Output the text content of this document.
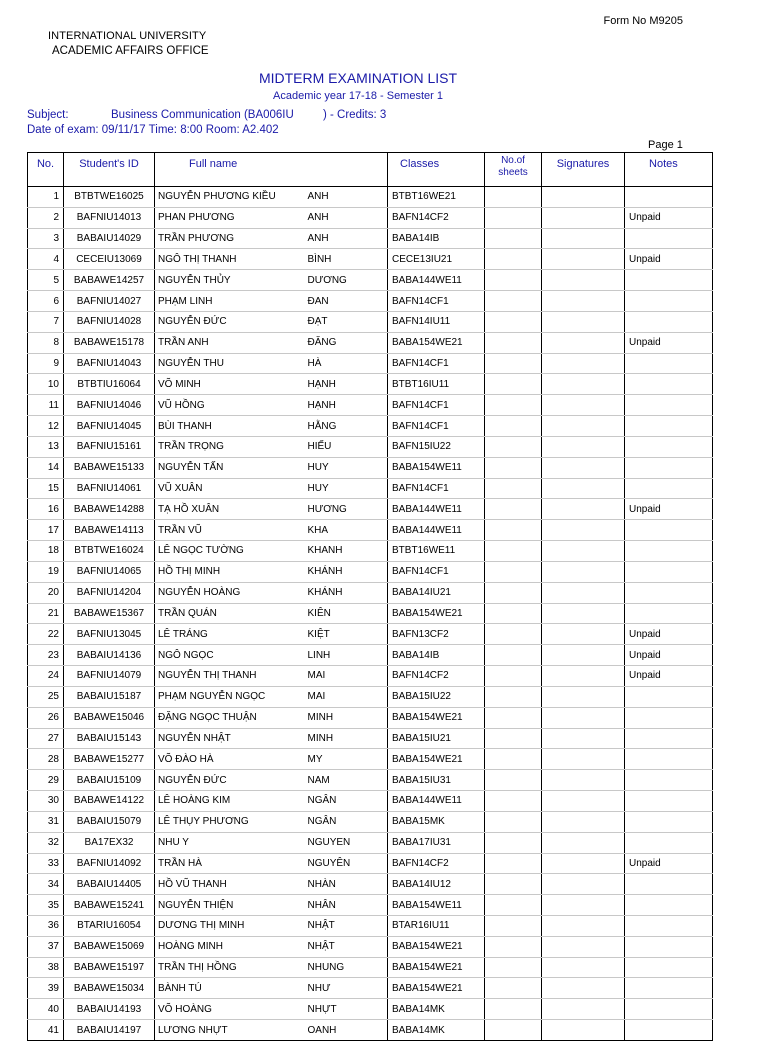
Form No M9205
INTERNATIONAL UNIVERSITY
ACADEMIC AFFAIRS OFFICE
MIDTERM EXAMINATION LIST
Academic year 17-18 - Semester 1
Subject:	Business Communication (BA006IU	) - Credits: 3
Date of exam: 09/11/17 Time: 8:00 Room: A2.402
Page 1
No.	Student's ID	Full name		Classes	No.of sheets	Signatures	Notes
1	BTBTWE16025	NGUYỄN PHƯƠNG KIỀU	ANH	BTBT16WE21			
2	BAFNIU14013	PHAN PHƯƠNG	ANH	BAFN14CF2			Unpaid
3	BABAIU14029	TRẦN PHƯƠNG	ANH	BABA14IB			
4	CECEIU13069	NGÔ THỊ THANH	BÌNH	CECE13IU21			Unpaid
5	BABAWE14257	NGUYỄN THỦY	DƯƠNG	BABA144WE11			
6	BAFNIU14027	PHẠM LINH	ĐAN	BAFN14CF1			
7	BAFNIU14028	NGUYỄN ĐỨC	ĐẠT	BAFN14IU11			
8	BABAWE15178	TRẦN ANH	ĐĂNG	BABA154WE21			Unpaid
9	BAFNIU14043	NGUYỄN THU	HÀ	BAFN14CF1			
10	BTBTIU16064	VÕ MINH	HẠNH	BTBT16IU11			
11	BAFNIU14046	VŨ HỒNG	HẠNH	BAFN14CF1			
12	BAFNIU14045	BÙI THANH	HẰNG	BAFN14CF1			
13	BAFNIU15161	TRẦN TRỌNG	HIẾU	BAFN15IU22			
14	BABAWE15133	NGUYỄN TẤN	HUY	BABA154WE11			
15	BAFNIU14061	VŨ XUÂN	HUY	BAFN14CF1			
16	BABAWE14288	TẠ HỒ XUÂN	HƯƠNG	BABA144WE11			Unpaid
17	BABAWE14113	TRẦN VŨ	KHA	BABA144WE11			
18	BTBTWE16024	LÊ NGỌC TƯỜNG	KHANH	BTBT16WE11			
19	BAFNIU14065	HỒ THỊ MINH	KHÁNH	BAFN14CF1			
20	BAFNIU14204	NGUYỄN HOÀNG	KHÁNH	BABA14IU21			
21	BABAWE15367	TRẦN QUÁN	KIÊN	BABA154WE21			
22	BAFNIU13045	LÊ TRÁNG	KIỆT	BAFN13CF2			Unpaid
23	BABAIU14136	NGÔ NGỌC	LINH	BABA14IB			Unpaid
24	BAFNIU14079	NGUYỄN THỊ THANH	MAI	BAFN14CF2			Unpaid
25	BABAIU15187	PHẠM NGUYỄN NGỌC	MAI	BABA15IU22			
26	BABAWE15046	ĐẶNG NGỌC THUẬN	MINH	BABA154WE21			
27	BABAIU15143	NGUYỄN NHẬT	MINH	BABA15IU21			
28	BABAWE15277	VÕ ĐÀO HÀ	MY	BABA154WE21			
29	BABAIU15109	NGUYỄN ĐỨC	NAM	BABA15IU31			
30	BABAWE14122	LÊ HOÀNG KIM	NGÂN	BABA144WE11			
31	BABAIU15079	LÊ THỤY PHƯƠNG	NGÂN	BABA15MK			
32	BA17EX32	NHU Y	NGUYEN	BABA17IU31			
33	BAFNIU14092	TRẦN HÀ	NGUYÊN	BAFN14CF2			Unpaid
34	BABAIU14405	HỒ VŨ THANH	NHÀN	BABA14IU12			
35	BABAWE15241	NGUYỄN THIỆN	NHÂN	BABA154WE11			
36	BTARIU16054	DƯƠNG THỊ MINH	NHẬT	BTAR16IU11			
37	BABAWE15069	HOÀNG MINH	NHẬT	BABA154WE21			
38	BABAWE15197	TRẦN THỊ HỒNG	NHUNG	BABA154WE21			
39	BABAWE15034	BÀNH TÚ	NHƯ	BABA154WE21			
40	BABAIU14193	VÕ HOÀNG	NHỰT	BABA14MK			
41	BABAIU14197	LƯƠNG NHỰT	OANH	BABA14MK			
